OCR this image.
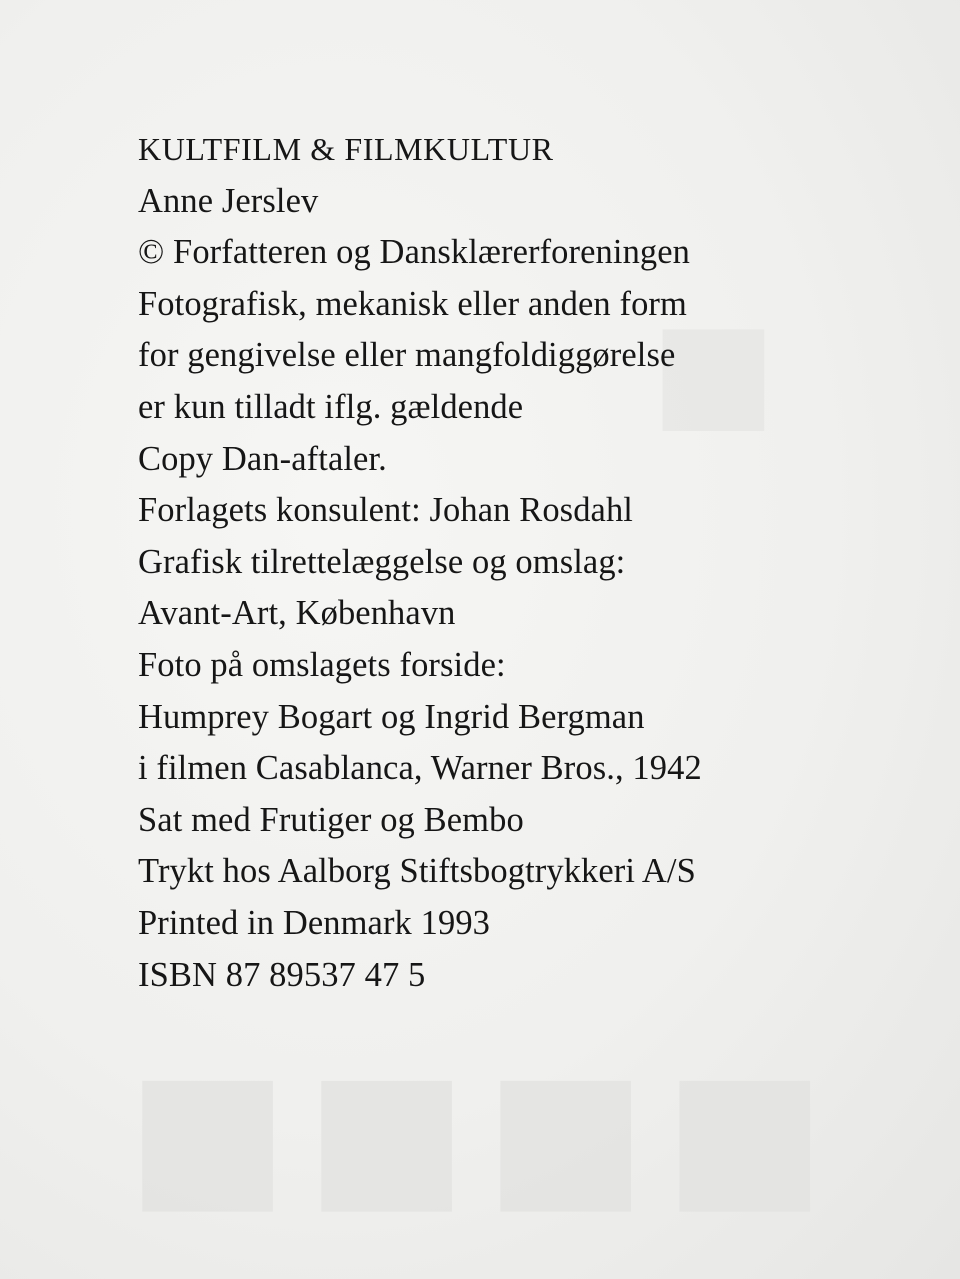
■
■■■■
KULTFILM & FILMKULTUR
Anne Jerslev
© Forfatteren og Dansklærerforeningen
Fotografisk, mekanisk eller anden form
for gengivelse eller mangfoldiggørelse
er kun tilladt iflg. gældende
Copy Dan-aftaler.
Forlagets konsulent: Johan Rosdahl
Grafisk tilrettelæggelse og omslag:
Avant-Art, København
Foto på omslagets forside:
Humprey Bogart og Ingrid Bergman
i filmen Casablanca, Warner Bros., 1942
Sat med Frutiger og Bembo
Trykt hos Aalborg Stiftsbogtrykkeri A/S
Printed in Denmark 1993
ISBN 87 89537 47 5
